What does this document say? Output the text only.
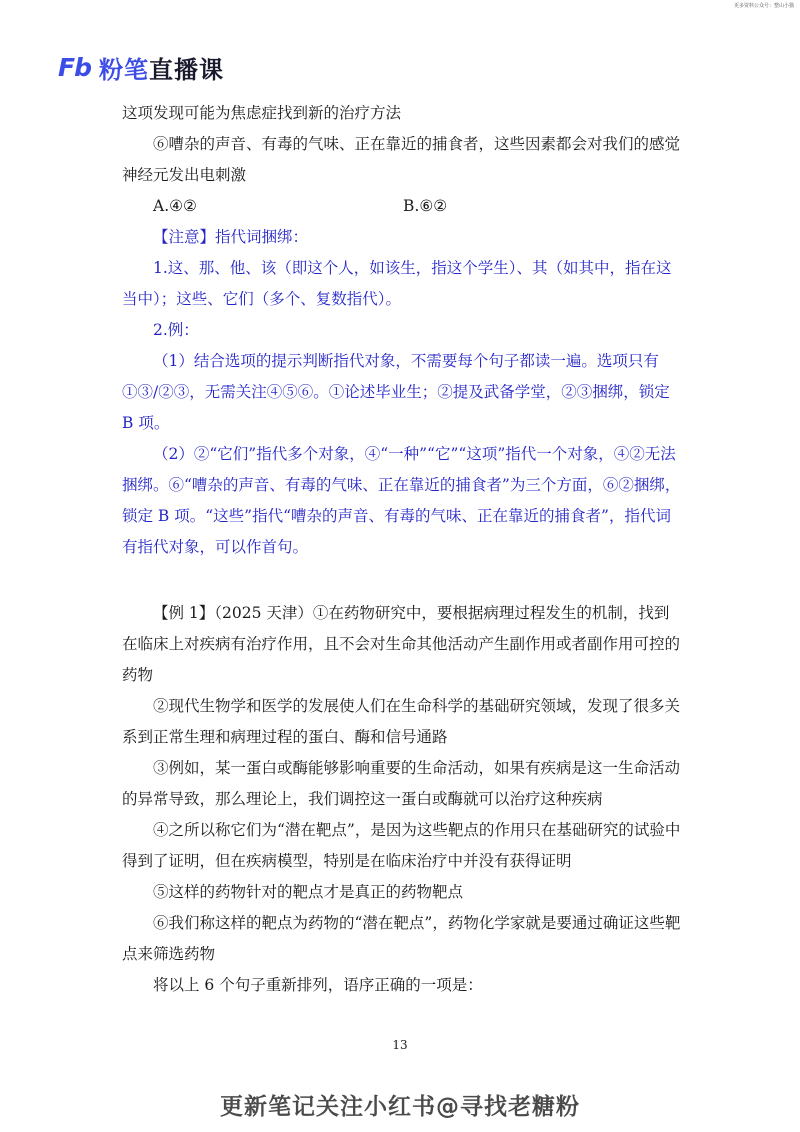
更多资料公众号：整山小猫
Fb 粉笔直播课

这项发现可能为焦虑症找到新的治疗方法

⑥嘈杂的声音、有毒的气味、正在靠近的捕食者，这些因素都会对我们的感觉神经元发出电刺激

A.④②	B.⑥②

【注意】指代词捆绑：

1.这、那、他、该（即这个人，如该生，指这个学生）、其（如其中，指在这当中）；这些、它们（多个、复数指代）。

2.例：

（1）结合选项的提示判断指代对象，不需要每个句子都读一遍。选项只有①③/②③，无需关注④⑤⑥。①论述毕业生；②提及武备学堂，②③捆绑，锁定 B 项。

（2）②“它们”指代多个对象，④“一种”“它”“这项”指代一个对象，④②无法捆绑。⑥“嘈杂的声音、有毒的气味、正在靠近的捕食者”为三个方面，⑥②捆绑，锁定 B 项。“这些”指代“嘈杂的声音、有毒的气味、正在靠近的捕食者”，指代词有指代对象，可以作首句。

【例 1】（2025 天津）①在药物研究中，要根据病理过程发生的机制，找到在临床上对疾病有治疗作用，且不会对生命其他活动产生副作用或者副作用可控的药物

②现代生物学和医学的发展使人们在生命科学的基础研究领域，发现了很多关系到正常生理和病理过程的蛋白、酶和信号通路

③例如，某一蛋白或酶能够影响重要的生命活动，如果有疾病是这一生命活动的异常导致，那么理论上，我们调控这一蛋白或酶就可以治疗这种疾病

④之所以称它们为“潜在靶点”，是因为这些靶点的作用只在基础研究的试验中得到了证明，但在疾病模型，特别是在临床治疗中并没有获得证明

⑤这样的药物针对的靶点才是真正的药物靶点

⑥我们称这样的靶点为药物的“潜在靶点”，药物化学家就是要通过确证这些靶点来筛选药物

将以上 6 个句子重新排列，语序正确的一项是：

13
更新笔记关注小红书@寻找老糖粉
